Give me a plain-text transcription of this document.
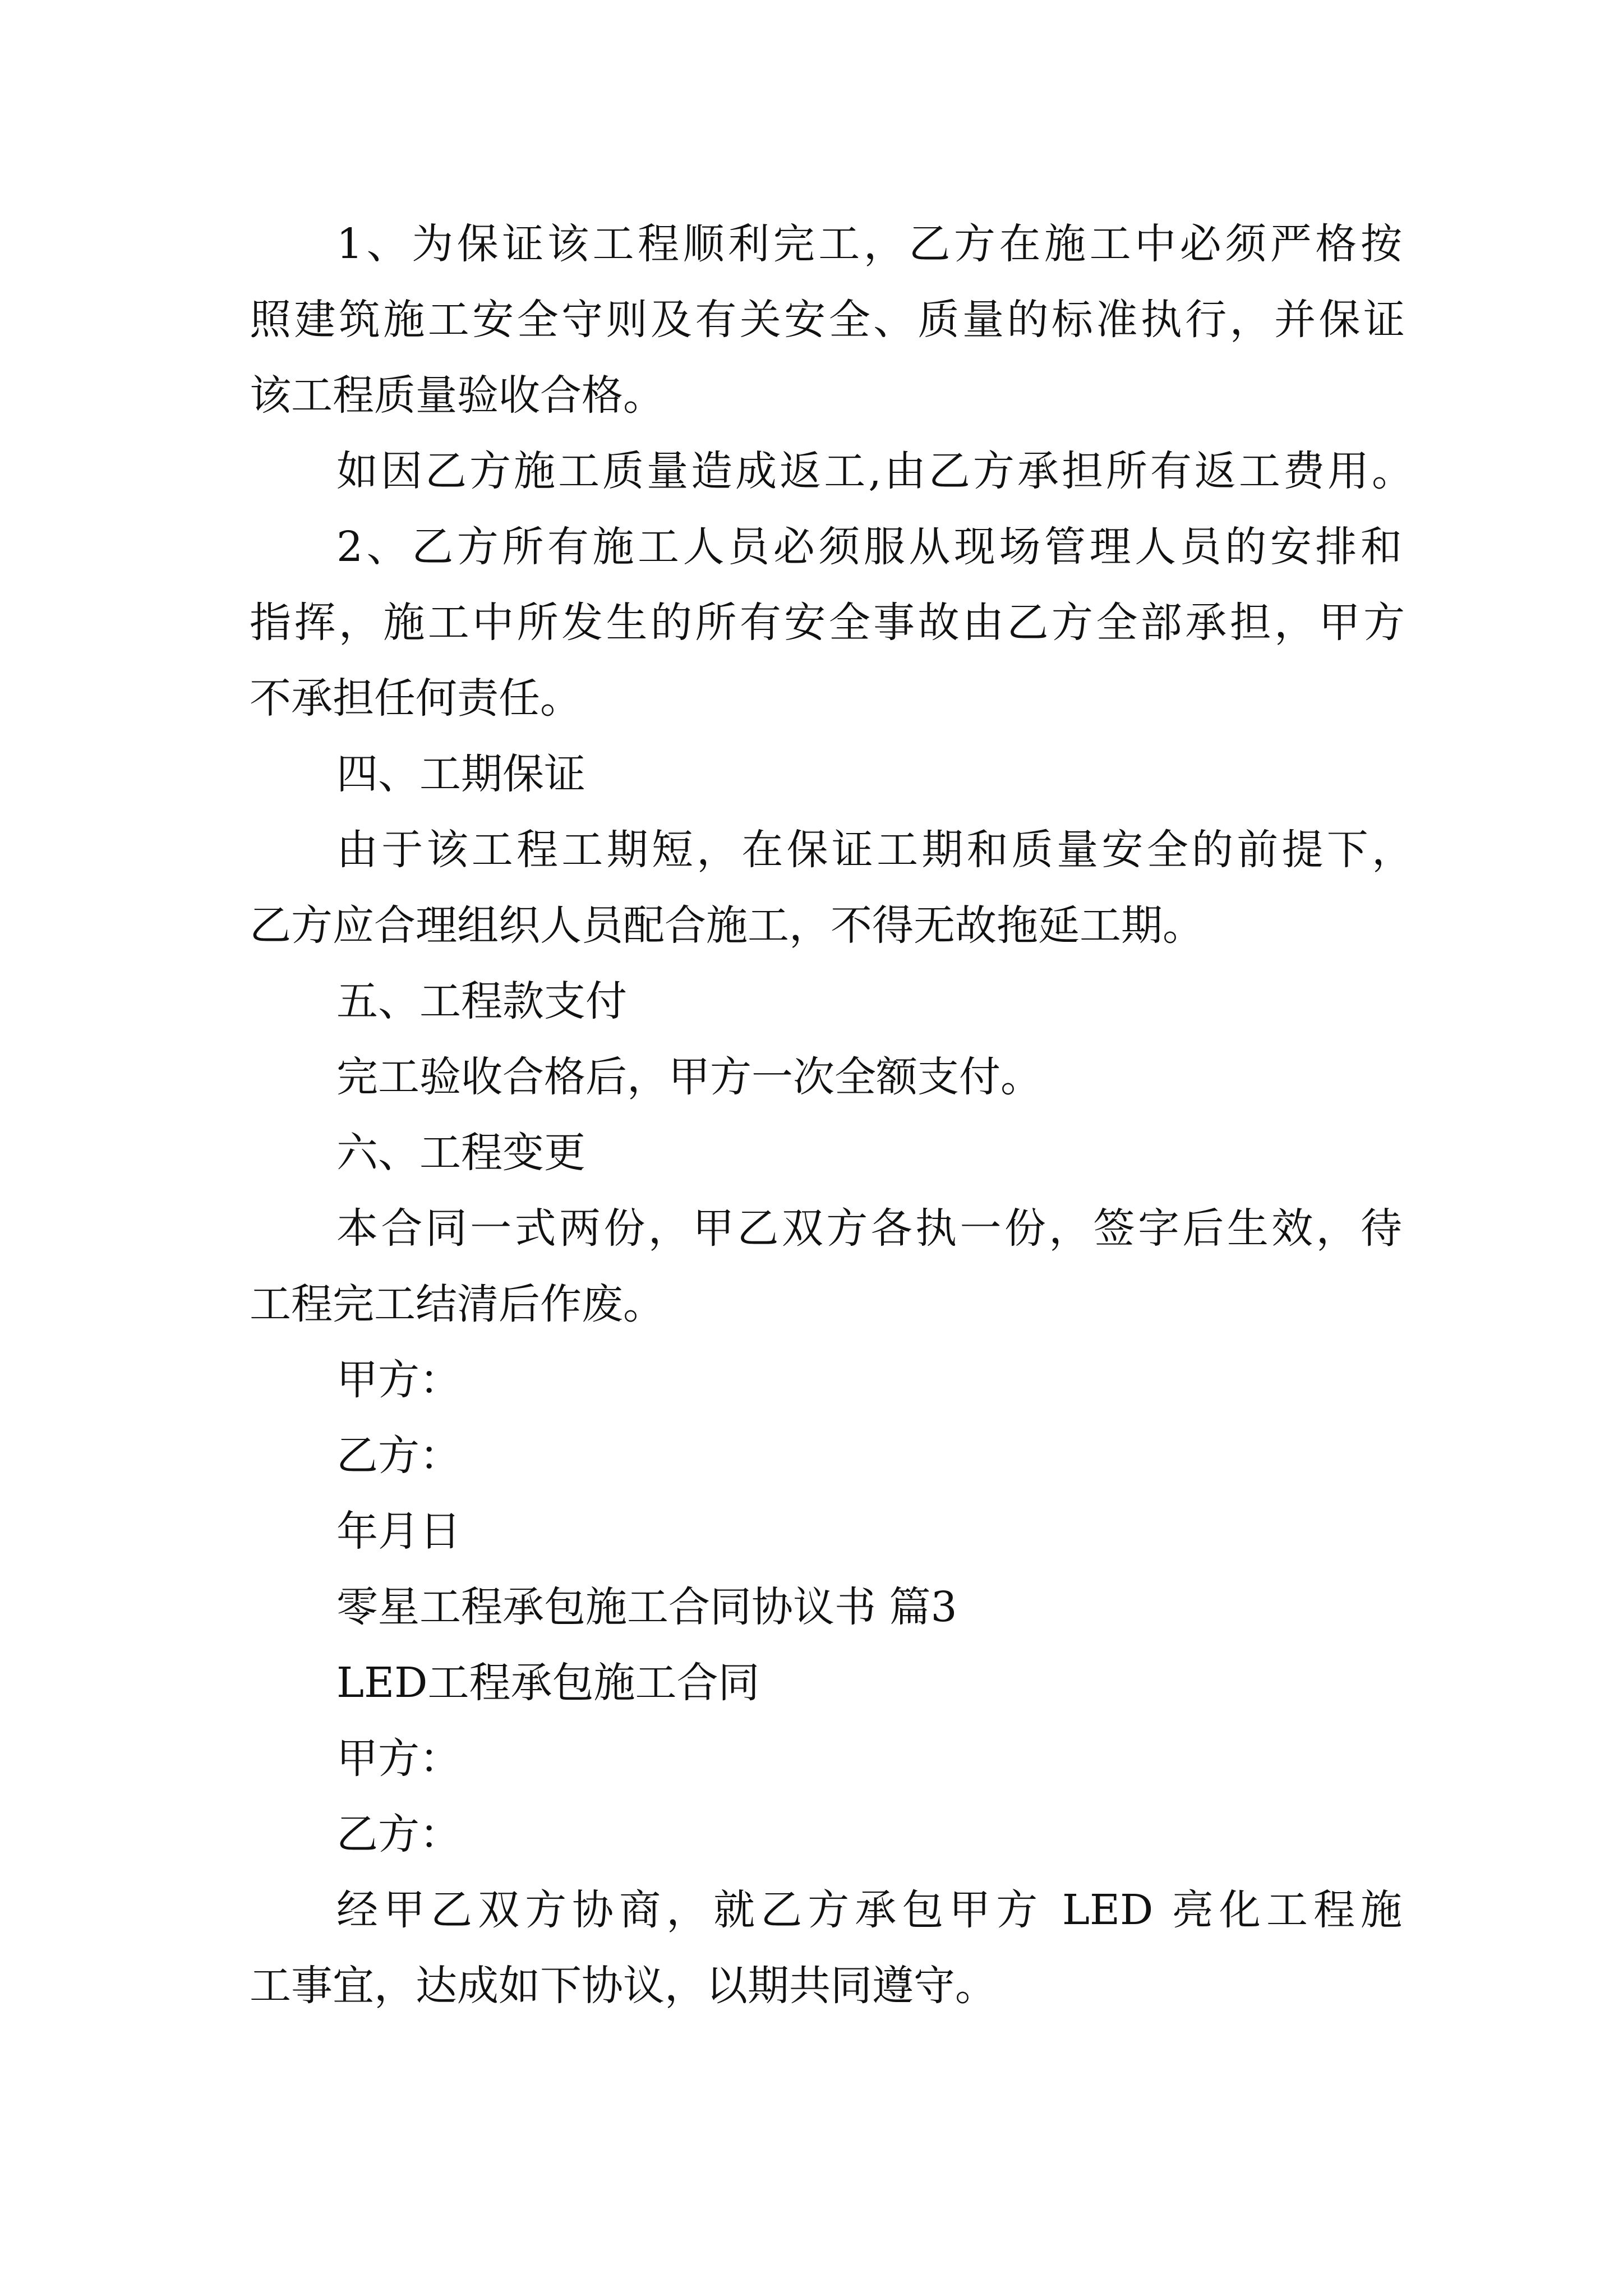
1、为保证该工程顺利完工，乙方在施工中必须严格按
照建筑施工安全守则及有关安全、质量的标准执行，并保证
该工程质量验收合格。
如因乙方施工质量造成返工,由乙方承担所有返工费用。
2、乙方所有施工人员必须服从现场管理人员的安排和
指挥，施工中所发生的所有安全事故由乙方全部承担，甲方
不承担任何责任。
四、工期保证
由于该工程工期短，在保证工期和质量安全的前提下，
乙方应合理组织人员配合施工，不得无故拖延工期。
五、工程款支付
完工验收合格后，甲方一次全额支付。
六、工程变更
本合同一式两份，甲乙双方各执一份，签字后生效，待
工程完工结清后作废。
甲方：
乙方：
年月日
零星工程承包施工合同协议书 篇3
LED工程承包施工合同
甲方：
乙方：
经甲乙双方协商，就乙方承包甲方 LED 亮化工程施
工事宜，达成如下协议，以期共同遵守。
